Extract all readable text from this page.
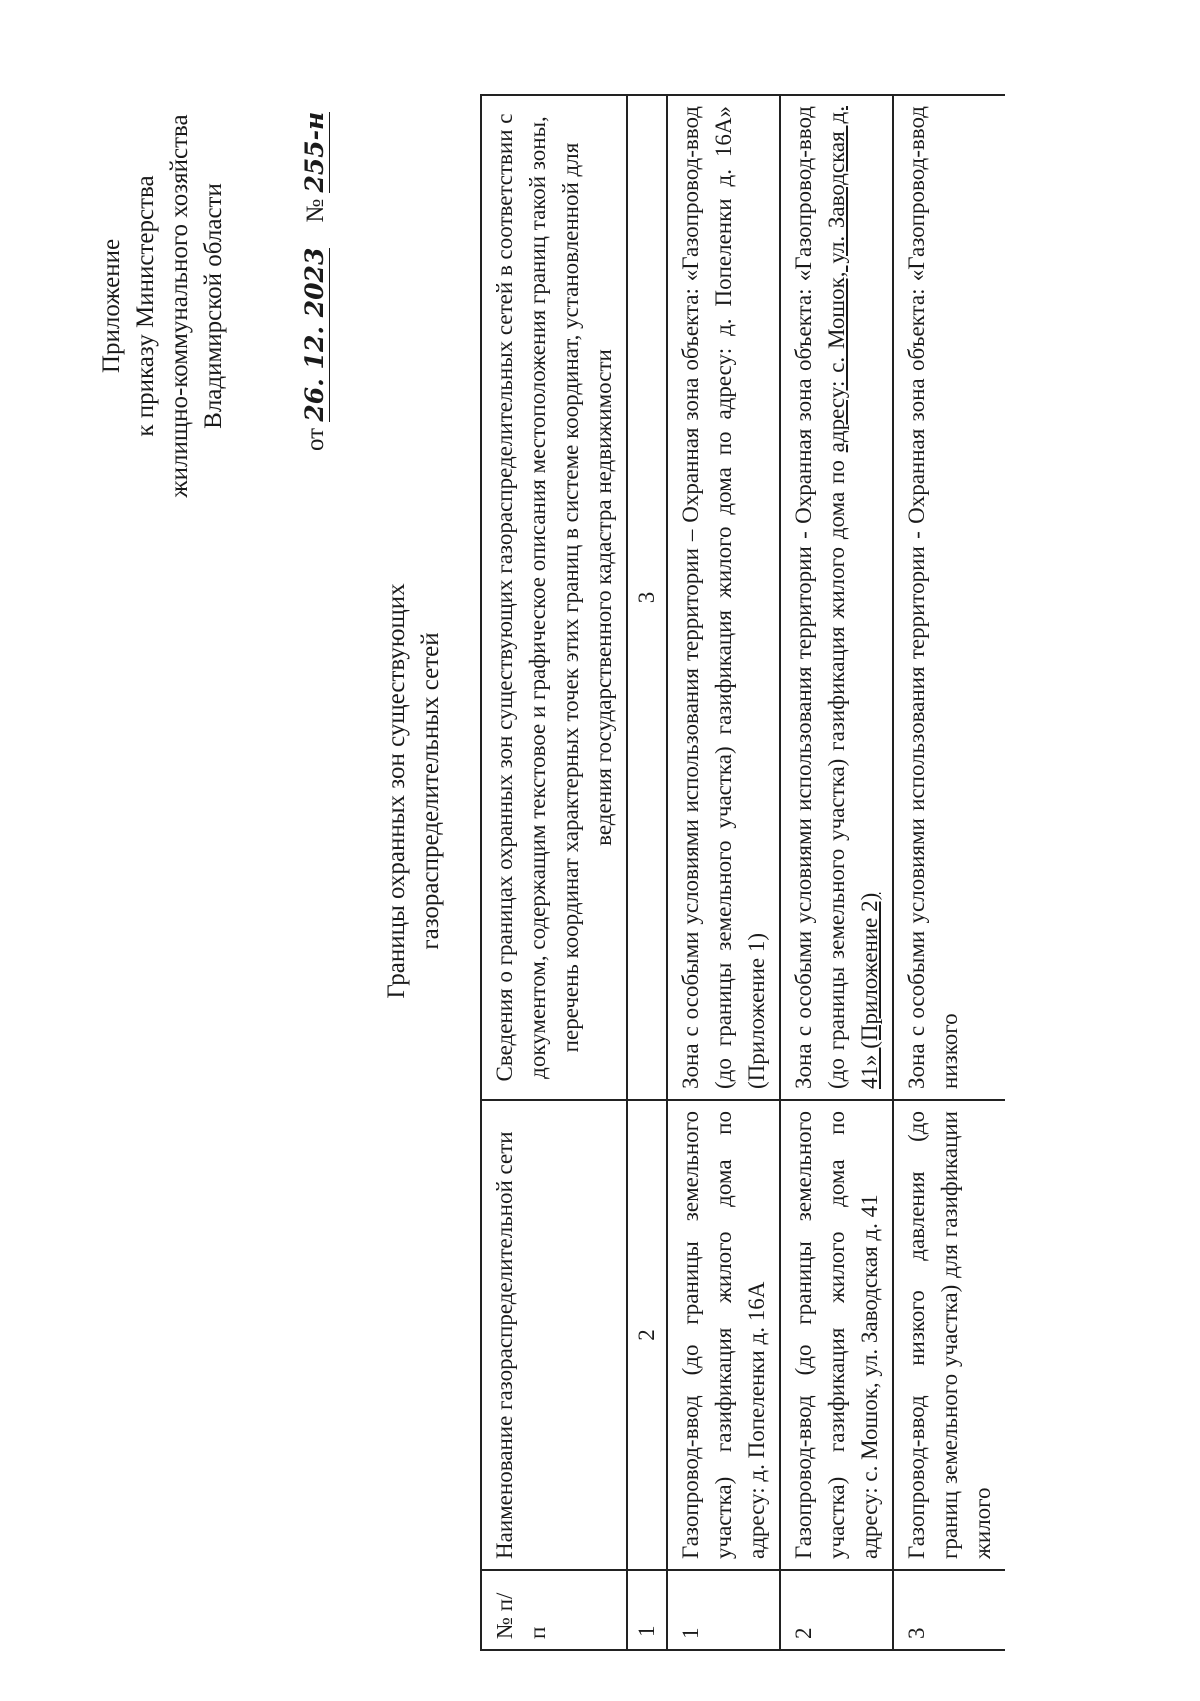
Приложение к приказу Министерства жилищно-коммунального хозяйства Владимирской области
от 26. 12. 2023    № 255-н
Границы охранных зон существующих газораспределительных сетей
№ п/п	Наименование газораспределительной сети	Сведения о границах охранных зон существующих газораспределительных сетей в соответствии с документом, содержащим текстовое и графическое описания местоположения границ такой зоны, перечень координат характерных точек этих границ в системе координат, установленной для ведения государственного кадастра недвижимости
1	2	3
1	Газопровод-ввод (до границы земельного участка) газификация жилого дома по адресу: д. Попеленки д. 16А	Зона с особыми условиями использования территории – Охранная зона объекта: «Газопровод-ввод (до границы земельного участка) газификация жилого дома по адресу: д. Попеленки д. 16А» (Приложение 1)
2	Газопровод-ввод (до границы земельного участка) газификация жилого дома по адресу: с. Мошок, ул. Заводская д. 41	Зона с особыми условиями использования территории - Охранная зона объекта: «Газопровод-ввод (до границы земельного участка) газификация жилого дома по адресу: с. Мошок, ул. Заводская д. 41» (Приложение 2)
3	Газопровод-ввод низкого давления (до границ земельного участка) для газификации жилого	Зона с особыми условиями использования территории - Охранная зона объекта: «Газопровод-ввод низкого
